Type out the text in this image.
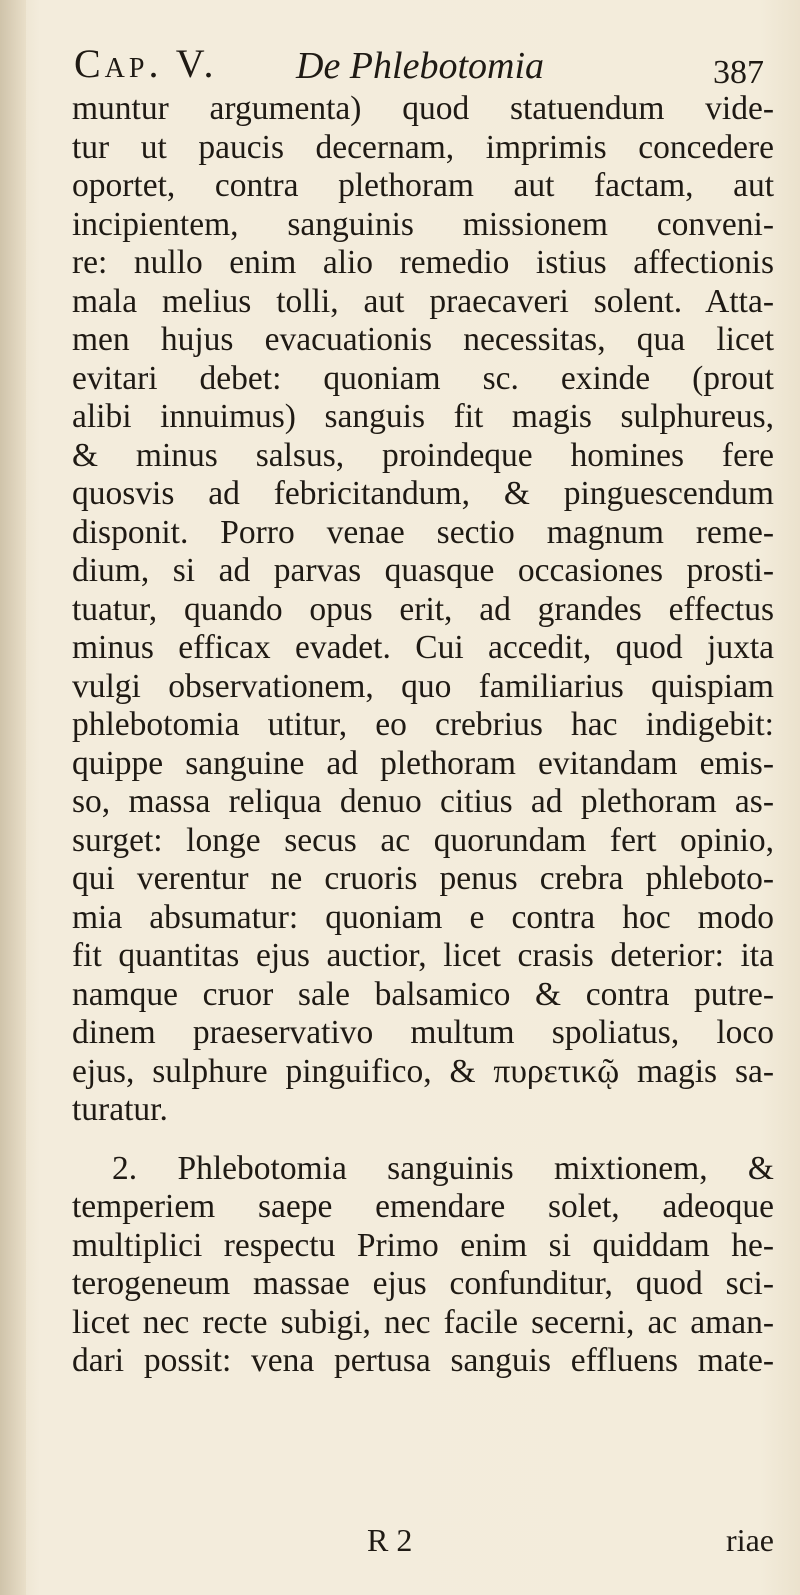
Cap. V. De Phlebotomia	387
muntur argumenta) quod statuendum vide-
tur ut paucis decernam, imprimis concedere
oportet, contra plethoram aut factam, aut
incipientem, sanguinis missionem conveni-
re: nullo enim alio remedio istius affectionis
mala melius tolli, aut praecaveri solent. Atta-
men hujus evacuationis necessitas, qua licet
evitari debet: quoniam sc. exinde (prout
alibi innuimus) sanguis fit magis sulphureus,
& minus salsus, proindeque homines fere
quosvis ad febricitandum, & pinguescendum
disponit. Porro venae sectio magnum reme-
dium, si ad parvas quasque occasiones prosti-
tuatur, quando opus erit, ad grandes effectus
minus efficax evadet. Cui accedit, quod juxta
vulgi observationem, quo familiarius quispiam
phlebotomia utitur, eo crebrius hac indigebit:
quippe sanguine ad plethoram evitandam emis-
so, massa reliqua denuo citius ad plethoram as-
surget: longe secus ac quorundam fert opinio,
qui verentur ne cruoris penus crebra phleboto-
mia absumatur: quoniam e contra hoc modo
fit quantitas ejus auctior, licet crasis deterior: ita
namque cruor sale balsamico & contra putre-
dinem praeservativo multum spoliatus, loco
ejus, sulphure pinguifico, & πυρετικῷ magis sa-
turatur.
2. Phlebotomia sanguinis mixtionem, &
temperiem saepe emendare solet, adeoque
multiplici respectu Primo enim si quiddam he-
terogeneum massae ejus confunditur, quod sci-
licet nec recte subigi, nec facile secerni, ac aman-
dari possit: vena pertusa sanguis effluens mate-
R 2	riae
